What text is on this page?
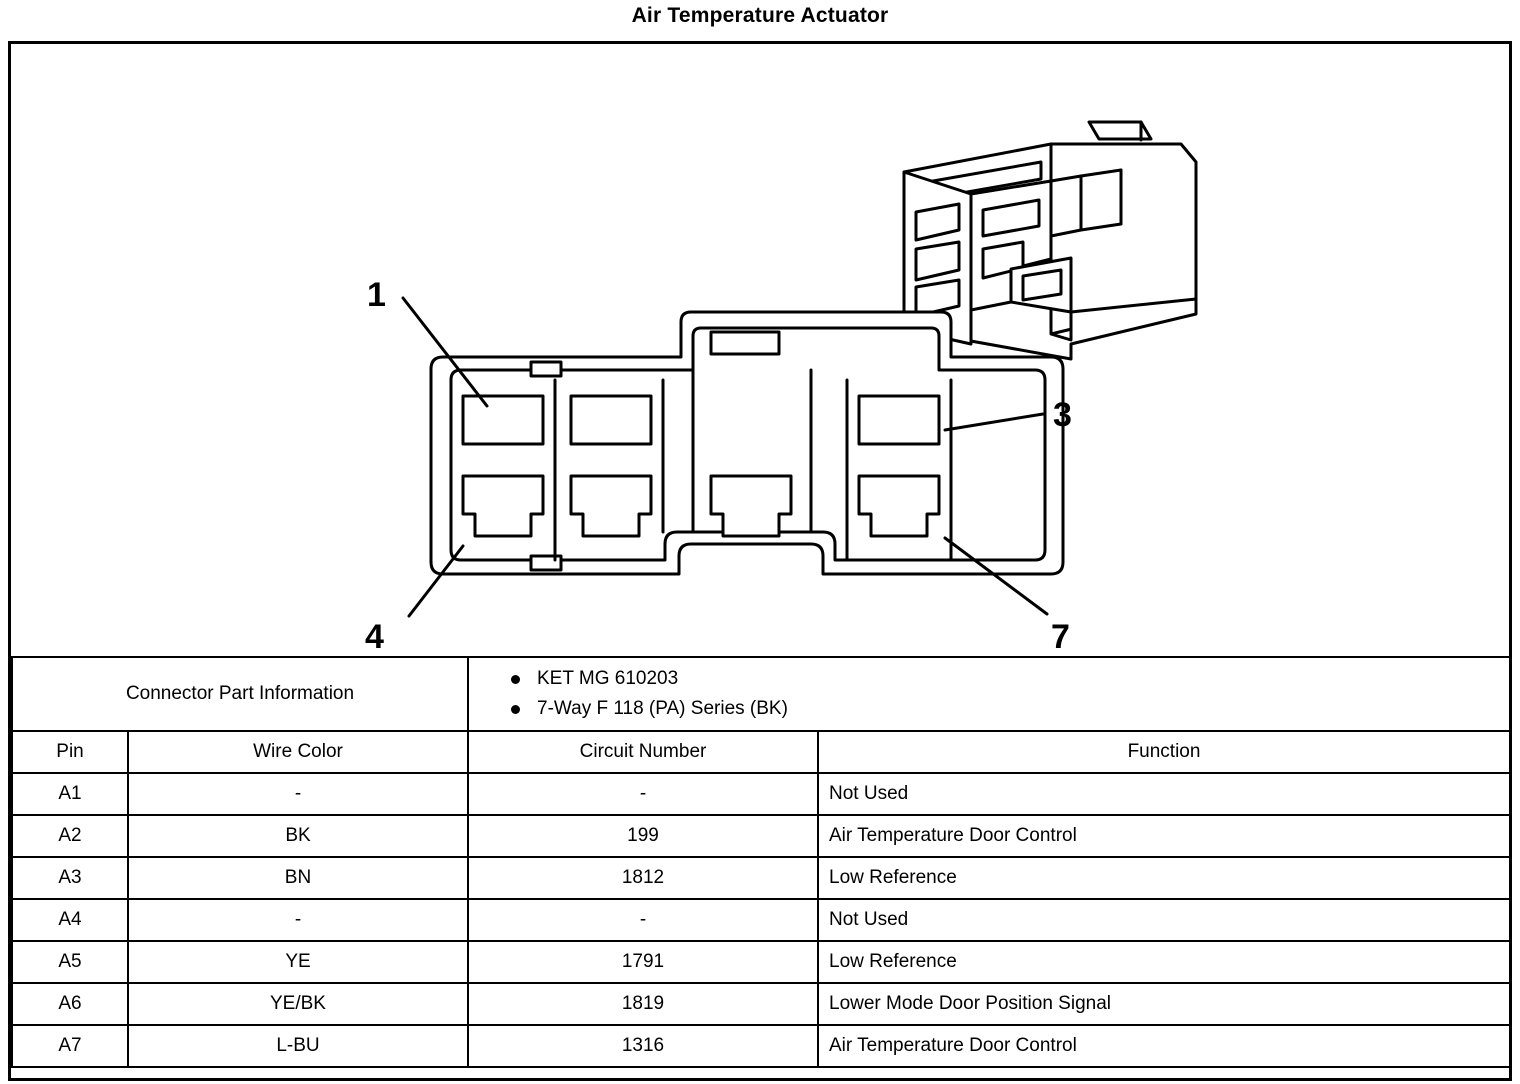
Air Temperature Actuator
1
3
4	7
Connector Part Information	
KET MG 610203
7-Way F 118 (PA) Series (BK)

Pin	Wire Color	Circuit Number	Function
A1	-	-	Not Used
A2	BK	199	Air Temperature Door Control
A3	BN	1812	Low Reference
A4	-	-	Not Used
A5	YE	1791	Low Reference
A6	YE/BK	1819	Lower Mode Door Position Signal
A7	L-BU	1316	Air Temperature Door Control
